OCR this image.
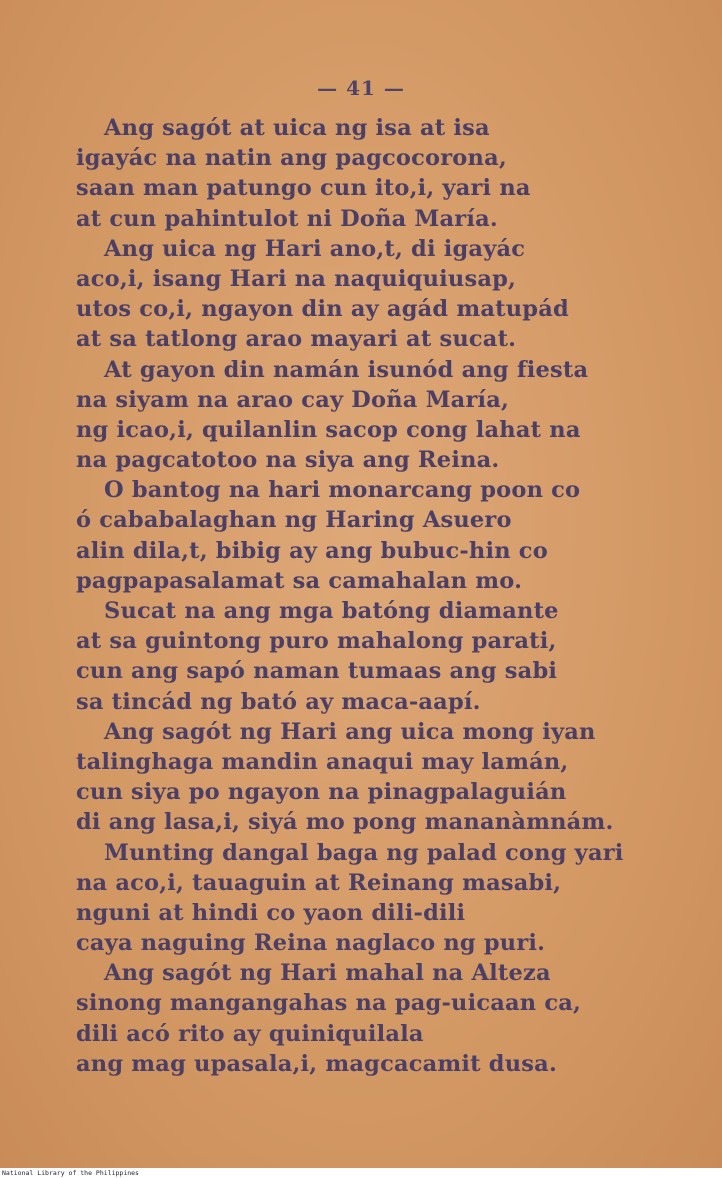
— 41 —
Ang sagót at uica ng isa at isa
igayác na natin ang pagcocorona,
saan man patungo cun ito,i, yari na
at cun pahintulot ni Doña María.
Ang uica ng Hari ano,t, di igayác
aco,i, isang Hari na naquiquiusap,
utos co,i, ngayon din ay agád matupád
at sa tatlong arao mayari at sucat.
At gayon din namán isunód ang fiesta
na siyam na arao cay Doña María,
ng icao,i, quilanlin sacop cong lahat na
na pagcatotoo na siya ang Reina.
O bantog na hari monarcang poon co
ó cababalaghan ng Haring Asuero
alin dila,t, bibig ay ang bubuc-hin co
pagpapasalamat sa camahalan mo.
Sucat na ang mga batóng diamante
at sa guintong puro mahalong parati,
cun ang sapó naman tumaas ang sabi
sa tincád ng bató ay maca-aapí.
Ang sagót ng Hari ang uica mong iyan
talinghaga mandin anaqui may lamán,
cun siya po ngayon na pinagpalaguián
di ang lasa,i, siyá mo pong mananàmnám.
Munting dangal baga ng palad cong yari
na aco,i, tauaguin at Reinang masabi,
nguni at hindi co yaon dili-dili
caya naguing Reina naglaco ng puri.
Ang sagót ng Hari mahal na Alteza
sinong mangangahas na pag-uicaan ca,
dili acó rito ay quiniquilala
ang mag upasala,i, magcacamit dusa.
National Library of the Philippines
